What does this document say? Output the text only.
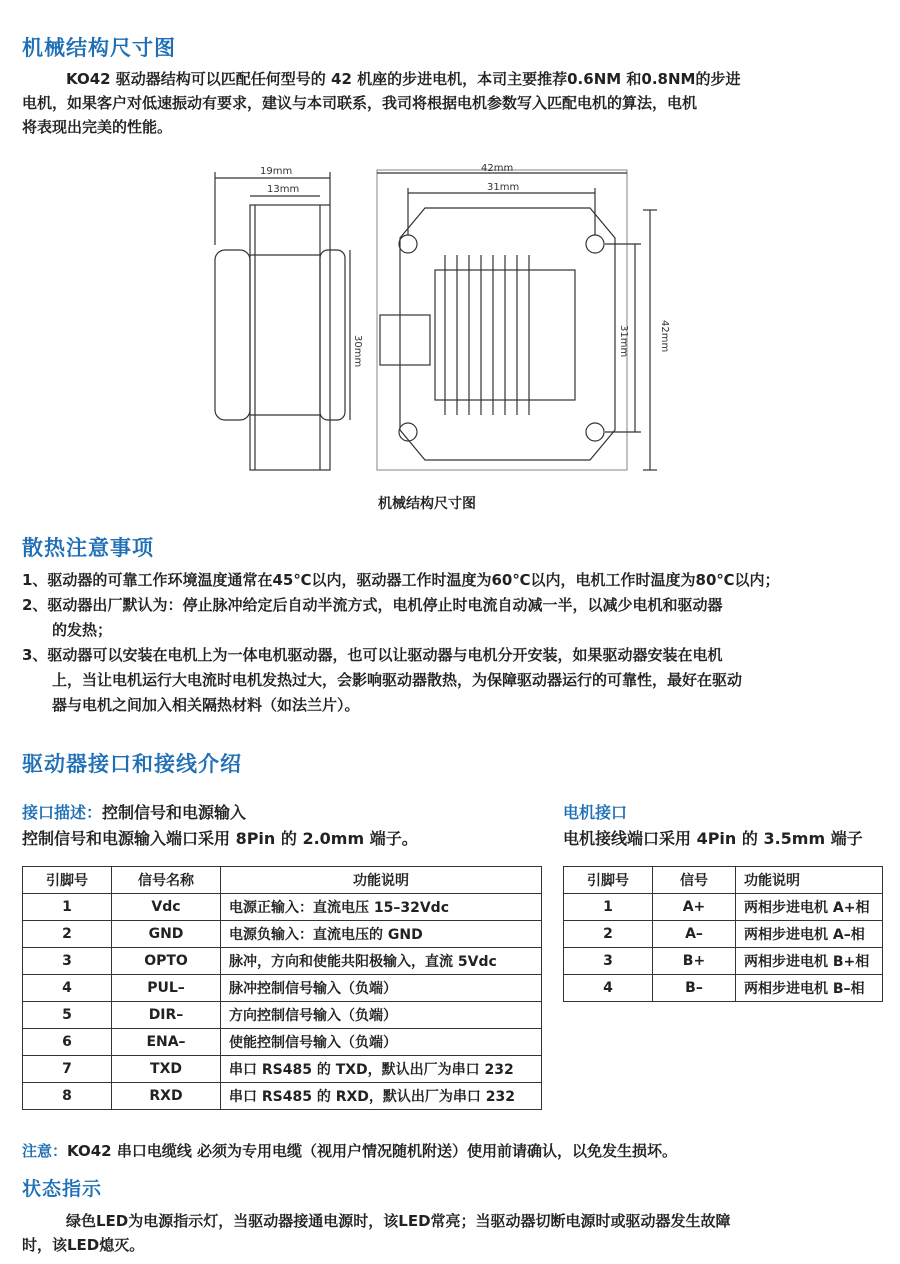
机械结构尺寸图
KO42 驱动器结构可以匹配任何型号的 42 机座的步进电机，本司主要推荐0.6NM 和0.8NM的步进
电机，如果客户对低速振动有要求，建议与本司联系，我司将根据电机参数写入匹配电机的算法，电机
将表现出完美的性能。
19mm
13mm
30mm
42mm
31mm
42mm
31mm
机械结构尺寸图
散热注意事项
1、驱动器的可靠工作环境温度通常在45℃以内，驱动器工作时温度为60℃以内，电机工作时温度为80℃以内；
2、驱动器出厂默认为：停止脉冲给定后自动半流方式，电机停止时电流自动减一半，以减少电机和驱动器
的发热；
3、驱动器可以安装在电机上为一体电机驱动器，也可以让驱动器与电机分开安装，如果驱动器安装在电机
上，当让电机运行大电流时电机发热过大，会影响驱动器散热，为保障驱动器运行的可靠性，最好在驱动
器与电机之间加入相关隔热材料（如法兰片）。
驱动器接口和接线介绍
接口描述：控制信号和电源输入
控制信号和电源输入端口采用 8Pin 的 2.0mm 端子。
引脚号	信号名称	功能说明
1	Vdc	电源正输入：直流电压 15–32Vdc
2	GND	电源负输入：直流电压的 GND
3	OPTO	脉冲，方向和使能共阳极输入，直流 5Vdc
4	PUL–	脉冲控制信号输入（负端）
5	DIR–	方向控制信号输入（负端）
6	ENA–	使能控制信号输入（负端）
7	TXD	串口 RS485 的 TXD，默认出厂为串口 232
8	RXD	串口 RS485 的 RXD，默认出厂为串口 232
电机接口
电机接线端口采用 4Pin 的 3.5mm 端子
引脚号	信号	功能说明
1	A+	两相步进电机 A+相
2	A–	两相步进电机 A–相
3	B+	两相步进电机 B+相
4	B–	两相步进电机 B–相
注意：KO42 串口电缆线 必须为专用电缆（视用户情况随机附送）使用前请确认，以免发生损坏。
状态指示
绿色LED为电源指示灯，当驱动器接通电源时，该LED常亮；当驱动器切断电源时或驱动器发生故障
时，该LED熄灭。
